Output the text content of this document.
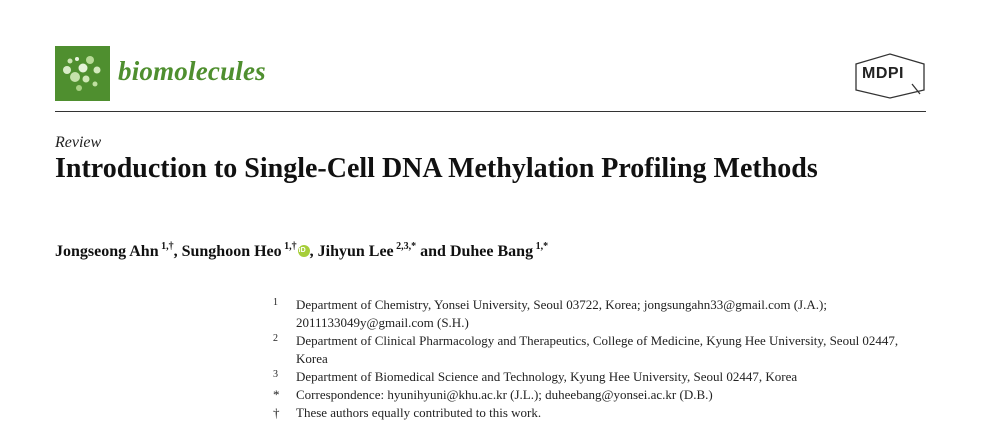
biomolecules	MDPI
Review
Introduction to Single-Cell DNA Methylation Profiling Methods
Jongseong Ahn $^{1,\dagger}$, Sunghoon Heo $^{1,\dagger}$iD , Jihyun Lee $^{2,3,*}$ and Duhee Bang $^{1,*}$
1	Department of Chemistry, Yonsei University, Seoul 03722, Korea; jongsungahn33@gmail.com (J.A.); 2011133049y@gmail.com (S.H.)
2	Department of Clinical Pharmacology and Therapeutics, College of Medicine, Kyung Hee University, Seoul 02447, Korea
3	Department of Biomedical Science and Technology, Kyung Hee University, Seoul 02447, Korea
*	Correspondence: hyunihyuni@khu.ac.kr (J.L.); duheebang@yonsei.ac.kr (D.B.)
†	These authors equally contributed to this work.
